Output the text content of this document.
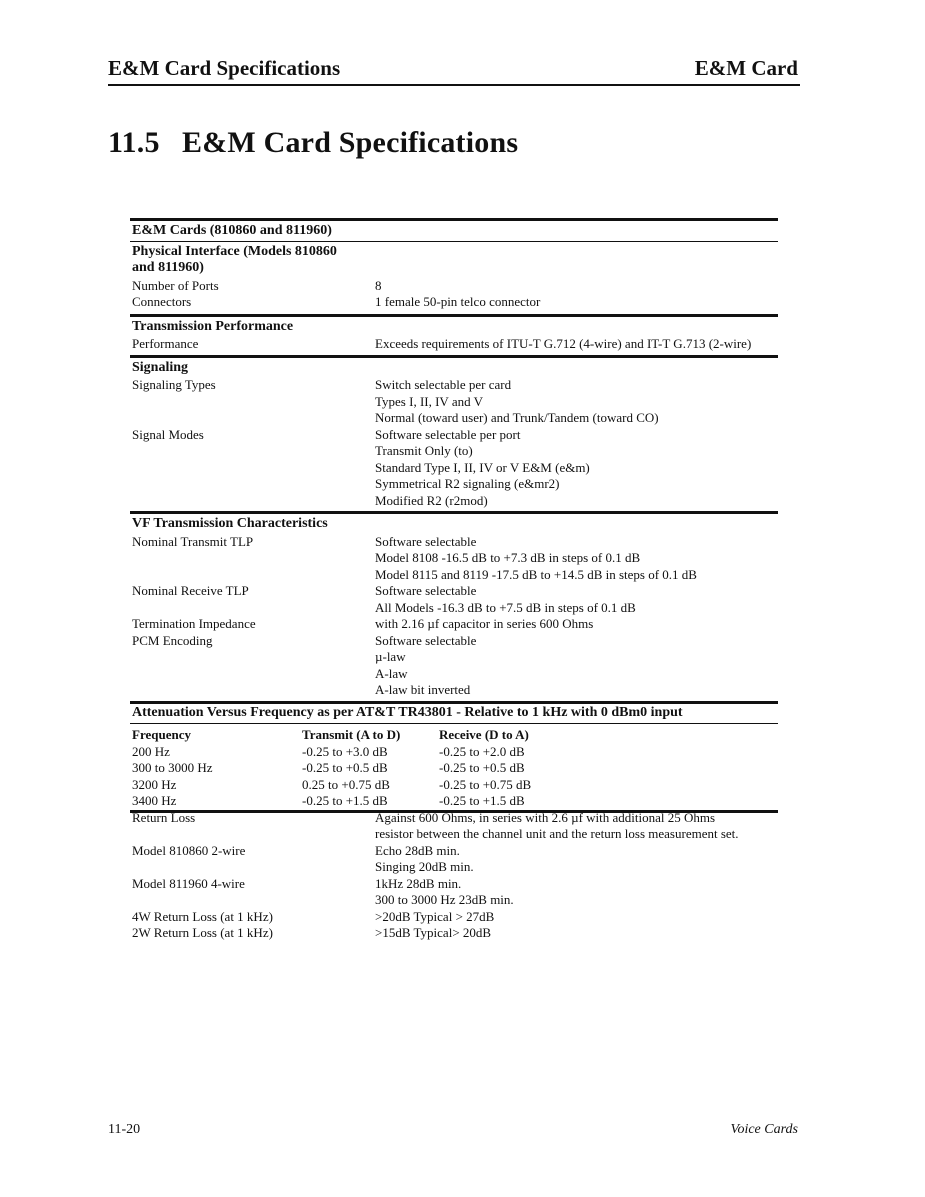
E&M Card Specifications	E&M Card
11.5 E&M Card Specifications
E&M Cards (810860 and 811960)
Physical Interface (Models 810860
and 811960)
Number of Ports	8
Connectors	1 female 50-pin telco connector
Transmission Performance
Performance	Exceeds requirements of ITU-T G.712 (4-wire) and IT-T G.713 (2-wire)
Signaling
Signaling Types	Switch selectable per card
Types I, II, IV and V
Normal (toward user) and Trunk/Tandem (toward CO)
Signal Modes	Software selectable per port
Transmit Only (to)
Standard Type I, II, IV or V E&M (e&m)
Symmetrical R2 signaling (e&mr2)
Modified R2 (r2mod)
VF Transmission Characteristics
Nominal Transmit TLP	Software selectable
Model 8108 -16.5 dB to +7.3 dB in steps of 0.1 dB
Model 8115 and 8119 -17.5 dB to +14.5 dB in steps of 0.1 dB
Nominal Receive TLP	Software selectable
All Models -16.3 dB to +7.5 dB in steps of 0.1 dB
Termination Impedance	with 2.16 µf capacitor in series 600 Ohms
PCM Encoding	Software selectable
µ-law
A-law
A-law bit inverted
Attenuation Versus Frequency as per AT&T TR43801 - Relative to 1 kHz with 0 dBm0 input
Frequency	Transmit (A to D)	Receive (D to A)
200 Hz	-0.25 to +3.0 dB	-0.25 to +2.0 dB
300 to 3000 Hz	-0.25 to +0.5 dB	-0.25 to +0.5 dB
3200 Hz	0.25 to +0.75 dB	-0.25 to +0.75 dB
3400 Hz	-0.25 to +1.5 dB	-0.25 to +1.5 dB
Return Loss	Against 600 Ohms, in series with 2.6 µf with additional 25 Ohms
resistor between the channel unit and the return loss measurement set.
Model 810860 2-wire	Echo 28dB min.
Singing 20dB min.
Model 811960 4-wire	1kHz 28dB min.
300 to 3000 Hz 23dB min.
4W Return Loss (at 1 kHz)	>20dB Typical > 27dB
2W Return Loss (at 1 kHz)	>15dB Typical> 20dB
11-20	Voice Cards
